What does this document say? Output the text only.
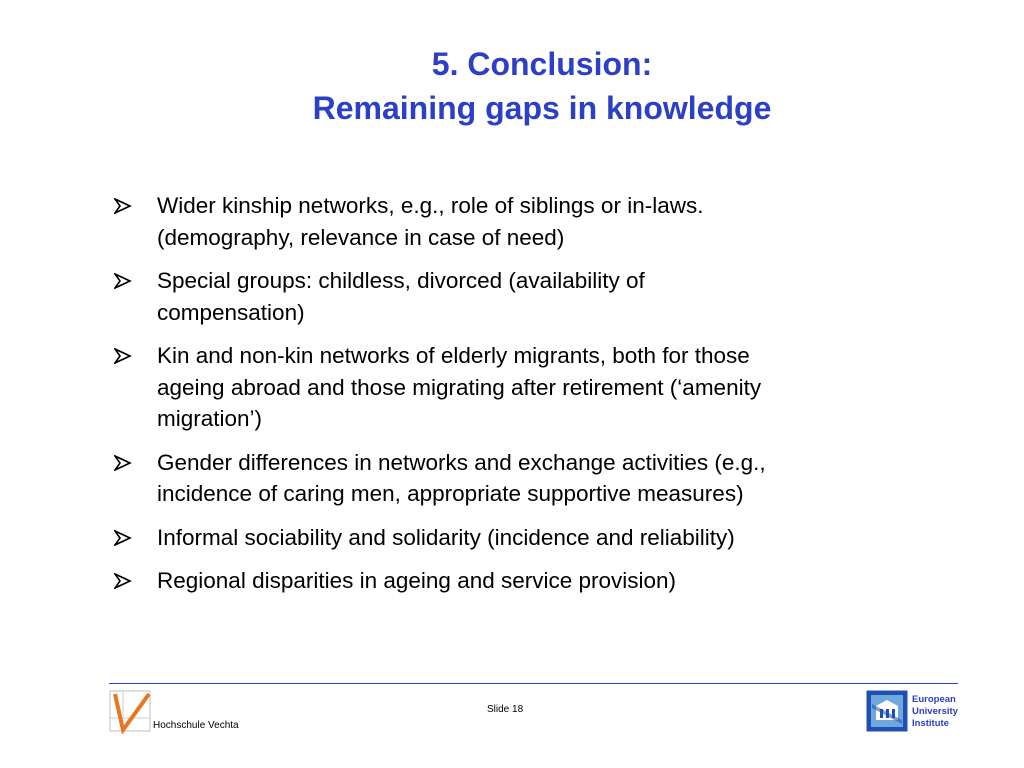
5. Conclusion:
Remaining gaps in knowledge
Wider kinship networks, e.g., role of siblings or in-laws.
(demography, relevance in case of need)
Special groups: childless, divorced (availability of
compensation)
Kin and non-kin networks of elderly migrants, both for those
ageing abroad and those migrating after retirement (‘amenity
migration’)
Gender differences in networks and exchange activities (e.g.,
incidence of caring men, appropriate supportive measures)
Informal sociability and solidarity (incidence and reliability)
Regional disparities in ageing and service provision)
Hochschule Vechta
Slide 18
European
University
Institute
